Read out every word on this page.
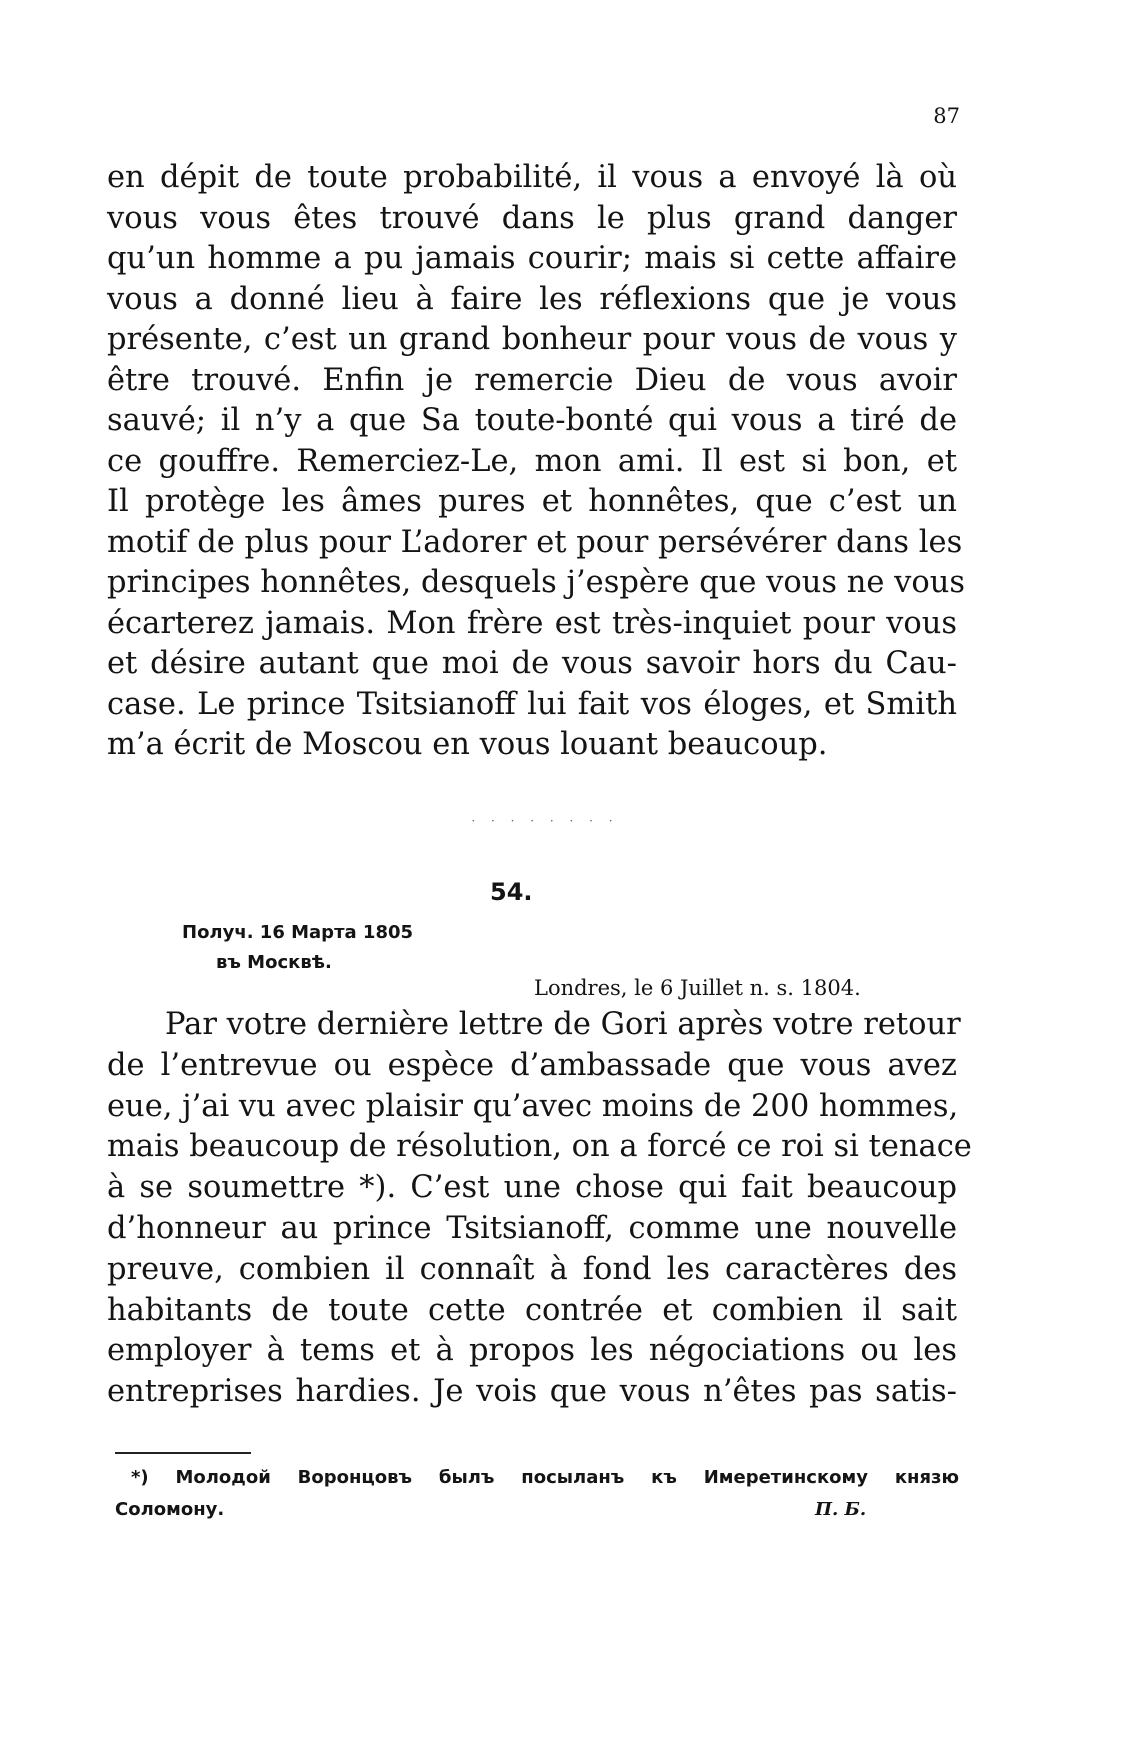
87
en dépit de toute probabilité, il vous a envoyé là où
vous vous êtes trouvé dans le plus grand danger
qu’un homme a pu jamais courir; mais si cette affaire
vous a donné lieu à faire les réflexions que je vous
présente, c’est un grand bonheur pour vous de vous y
être trouvé. Enfin je remercie Dieu de vous avoir
sauvé; il n’y a que Sa toute-bonté qui vous a tiré de
ce gouffre. Remerciez-Le, mon ami. Il est si bon, et
Il protège les âmes pures et honnêtes, que c’est un
motif de plus pour L’adorer et pour persévérer dans les
principes honnêtes, desquels j’espère que vous ne vous
écarterez jamais. Mon frère est très-inquiet pour vous
et désire autant que moi de vous savoir hors du Cau-
case. Le prince Tsitsianoff lui fait vos éloges, et Smith
m’a écrit de Moscou en vous louant beaucoup.
· · · · · · · ·
54.
Получ. 16 Марта 1805
въ Москвѣ.
Londres, le 6 Juillet n. s. 1804.
Par votre dernière lettre de Gori après votre retour
de l’entrevue ou espèce d’ambassade que vous avez
eue, j’ai vu avec plaisir qu’avec moins de 200 hommes,
mais beaucoup de résolution, on a forcé ce roi si tenace
à se soumettre *). C’est une chose qui fait beaucoup
d’honneur au prince Tsitsianoff, comme une nouvelle
preuve, combien il connaît à fond les caractères des
habitants de toute cette contrée et combien il sait
employer à tems et à propos les négociations ou les
entreprises hardies. Je vois que vous n’êtes pas satis-
*) Молодой Воронцовъ былъ посыланъ къ Имеретинскому князю
Соломону.	П. Б.
